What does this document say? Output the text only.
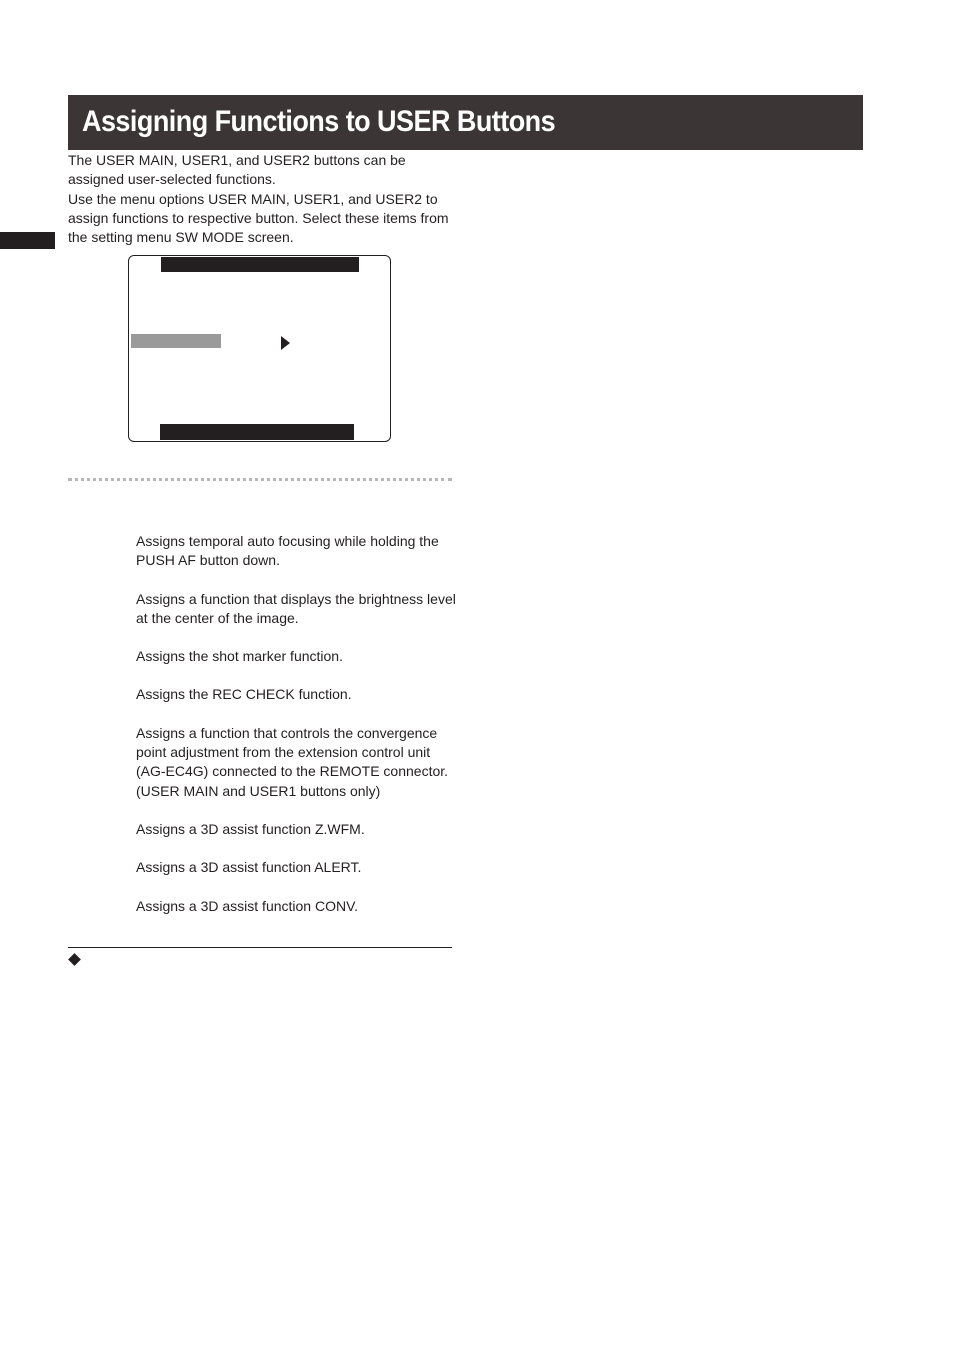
Assigning Functions to USER Buttons

The USER MAIN, USER1, and USER2 buttons can be assigned user-selected functions.

Use the menu options USER MAIN, USER1, and USER2 to assign functions to respective button. Select these items from the setting menu SW MODE screen.

Assigns temporal auto focusing while holding the PUSH AF button down.

Assigns a function that displays the brightness level at the center of the image.

Assigns the shot marker function.

Assigns the REC CHECK function.

Assigns a function that controls the convergence point adjustment from the extension control unit (AG-EC4G) connected to the REMOTE connector. (USER MAIN and USER1 buttons only)

Assigns a 3D assist function Z.WFM.

Assigns a 3D assist function ALERT.

Assigns a 3D assist function CONV.
